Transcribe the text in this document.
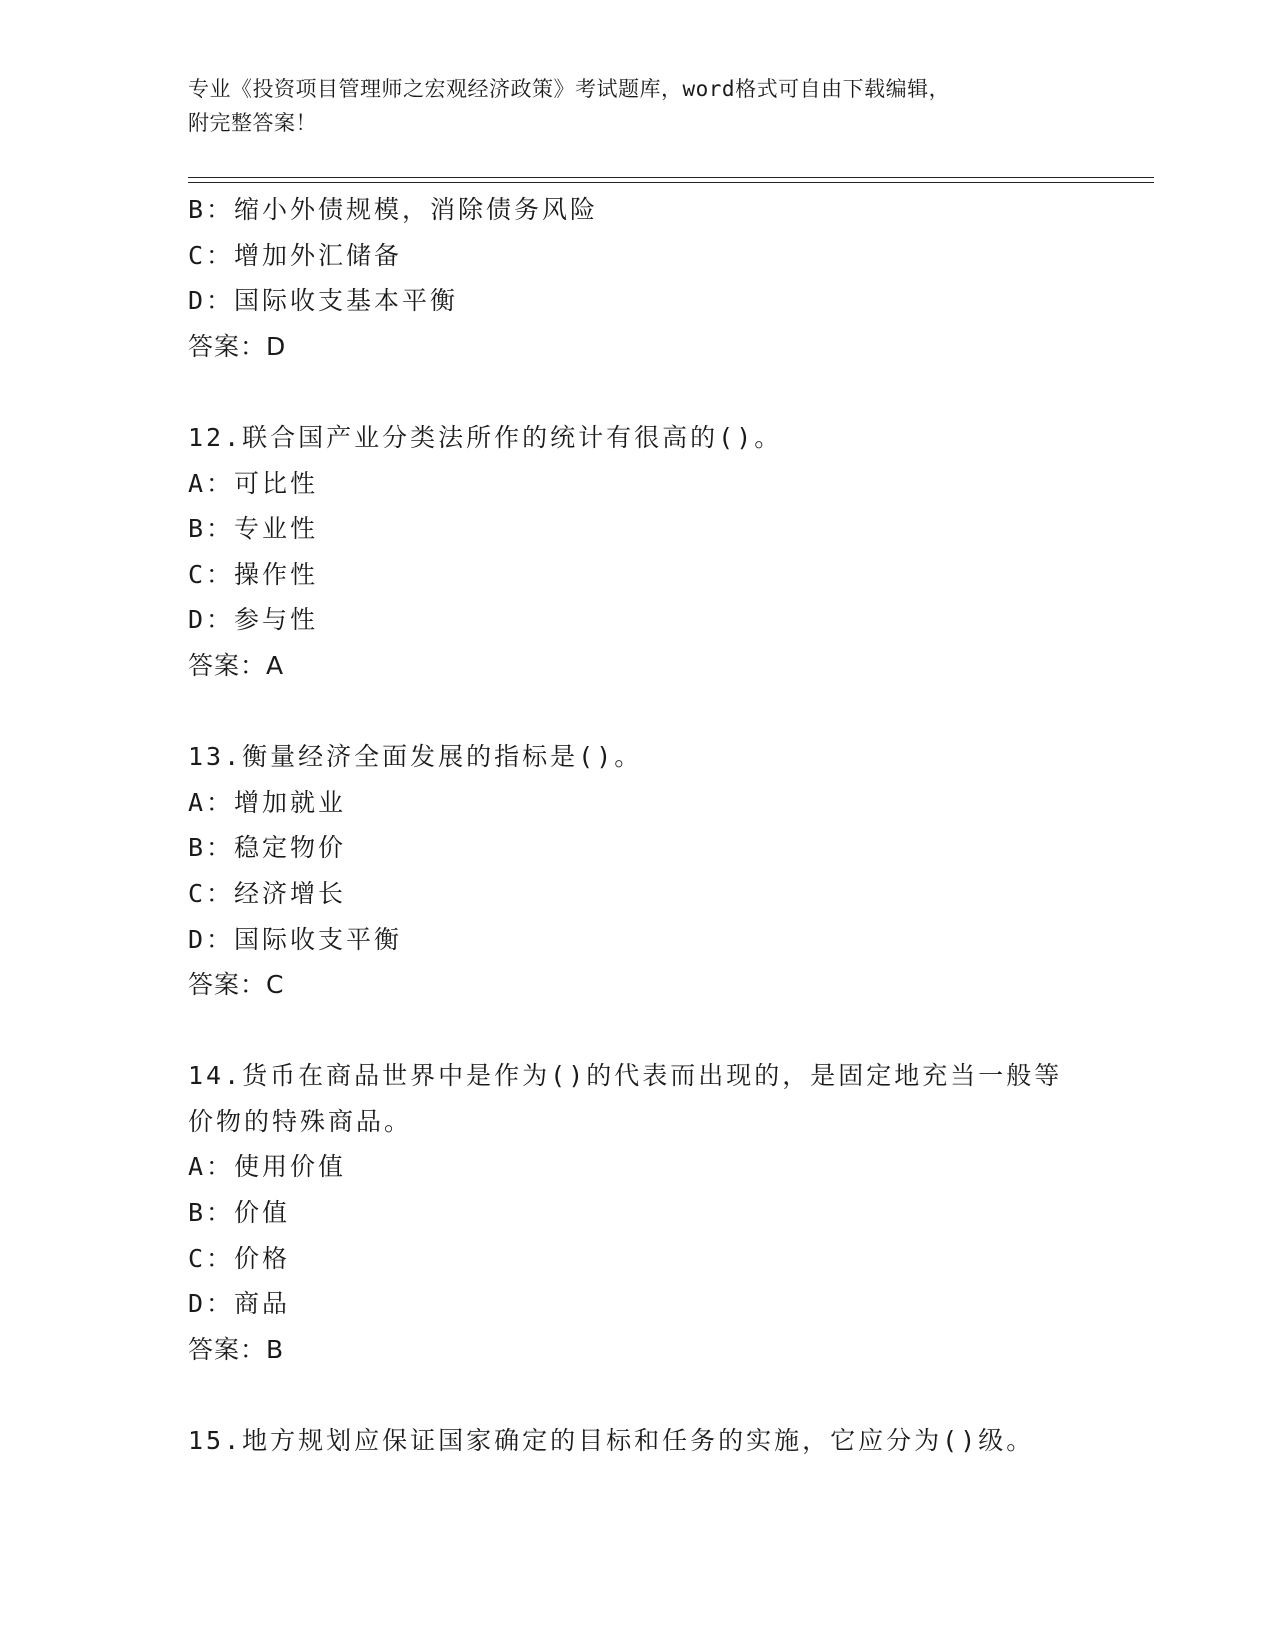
专业《投资项目管理师之宏观经济政策》考试题库，word格式可自由下载编辑，
附完整答案！
B：缩小外债规模，消除债务风险
C：增加外汇储备
D：国际收支基本平衡
答案：D
12.联合国产业分类法所作的统计有很高的()。
A：可比性
B：专业性
C：操作性
D：参与性
答案：A
13.衡量经济全面发展的指标是()。
A：增加就业
B：稳定物价
C：经济增长
D：国际收支平衡
答案：C
14.货币在商品世界中是作为()的代表而出现的，是固定地充当一般等
价物的特殊商品。
A：使用价值
B：价值
C：价格
D：商品
答案：B
15.地方规划应保证国家确定的目标和任务的实施，它应分为()级。
